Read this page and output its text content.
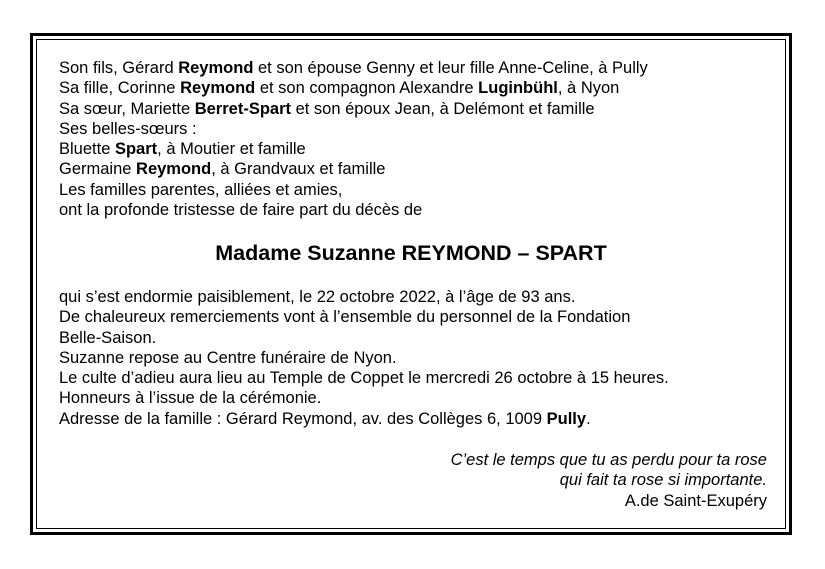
Son fils, Gérard Reymond et son épouse Genny et leur fille Anne-Celine, à Pully
Sa fille, Corinne Reymond et son compagnon Alexandre Luginbühl, à Nyon
Sa sœur, Mariette Berret-Spart et son époux Jean, à Delémont et famille
Ses belles-sœurs :
Bluette Spart, à Moutier et famille
Germaine Reymond, à Grandvaux et famille
Les familles parentes, alliées et amies,
ont la profonde tristesse de faire part du décès de
Madame Suzanne REYMOND – SPART
qui s’est endormie paisiblement, le 22 octobre 2022, à l’âge de 93 ans.
De chaleureux remerciements vont à l’ensemble du personnel de la Fondation
Belle-Saison.
Suzanne repose au Centre funéraire de Nyon.
Le culte d’adieu aura lieu au Temple de Coppet le mercredi 26 octobre à 15 heures.
Honneurs à l’issue de la cérémonie.
Adresse de la famille : Gérard Reymond, av. des Collèges 6, 1009 Pully.
C’est le temps que tu as perdu pour ta rose
qui fait ta rose si importante.
A.de Saint-Exupéry
